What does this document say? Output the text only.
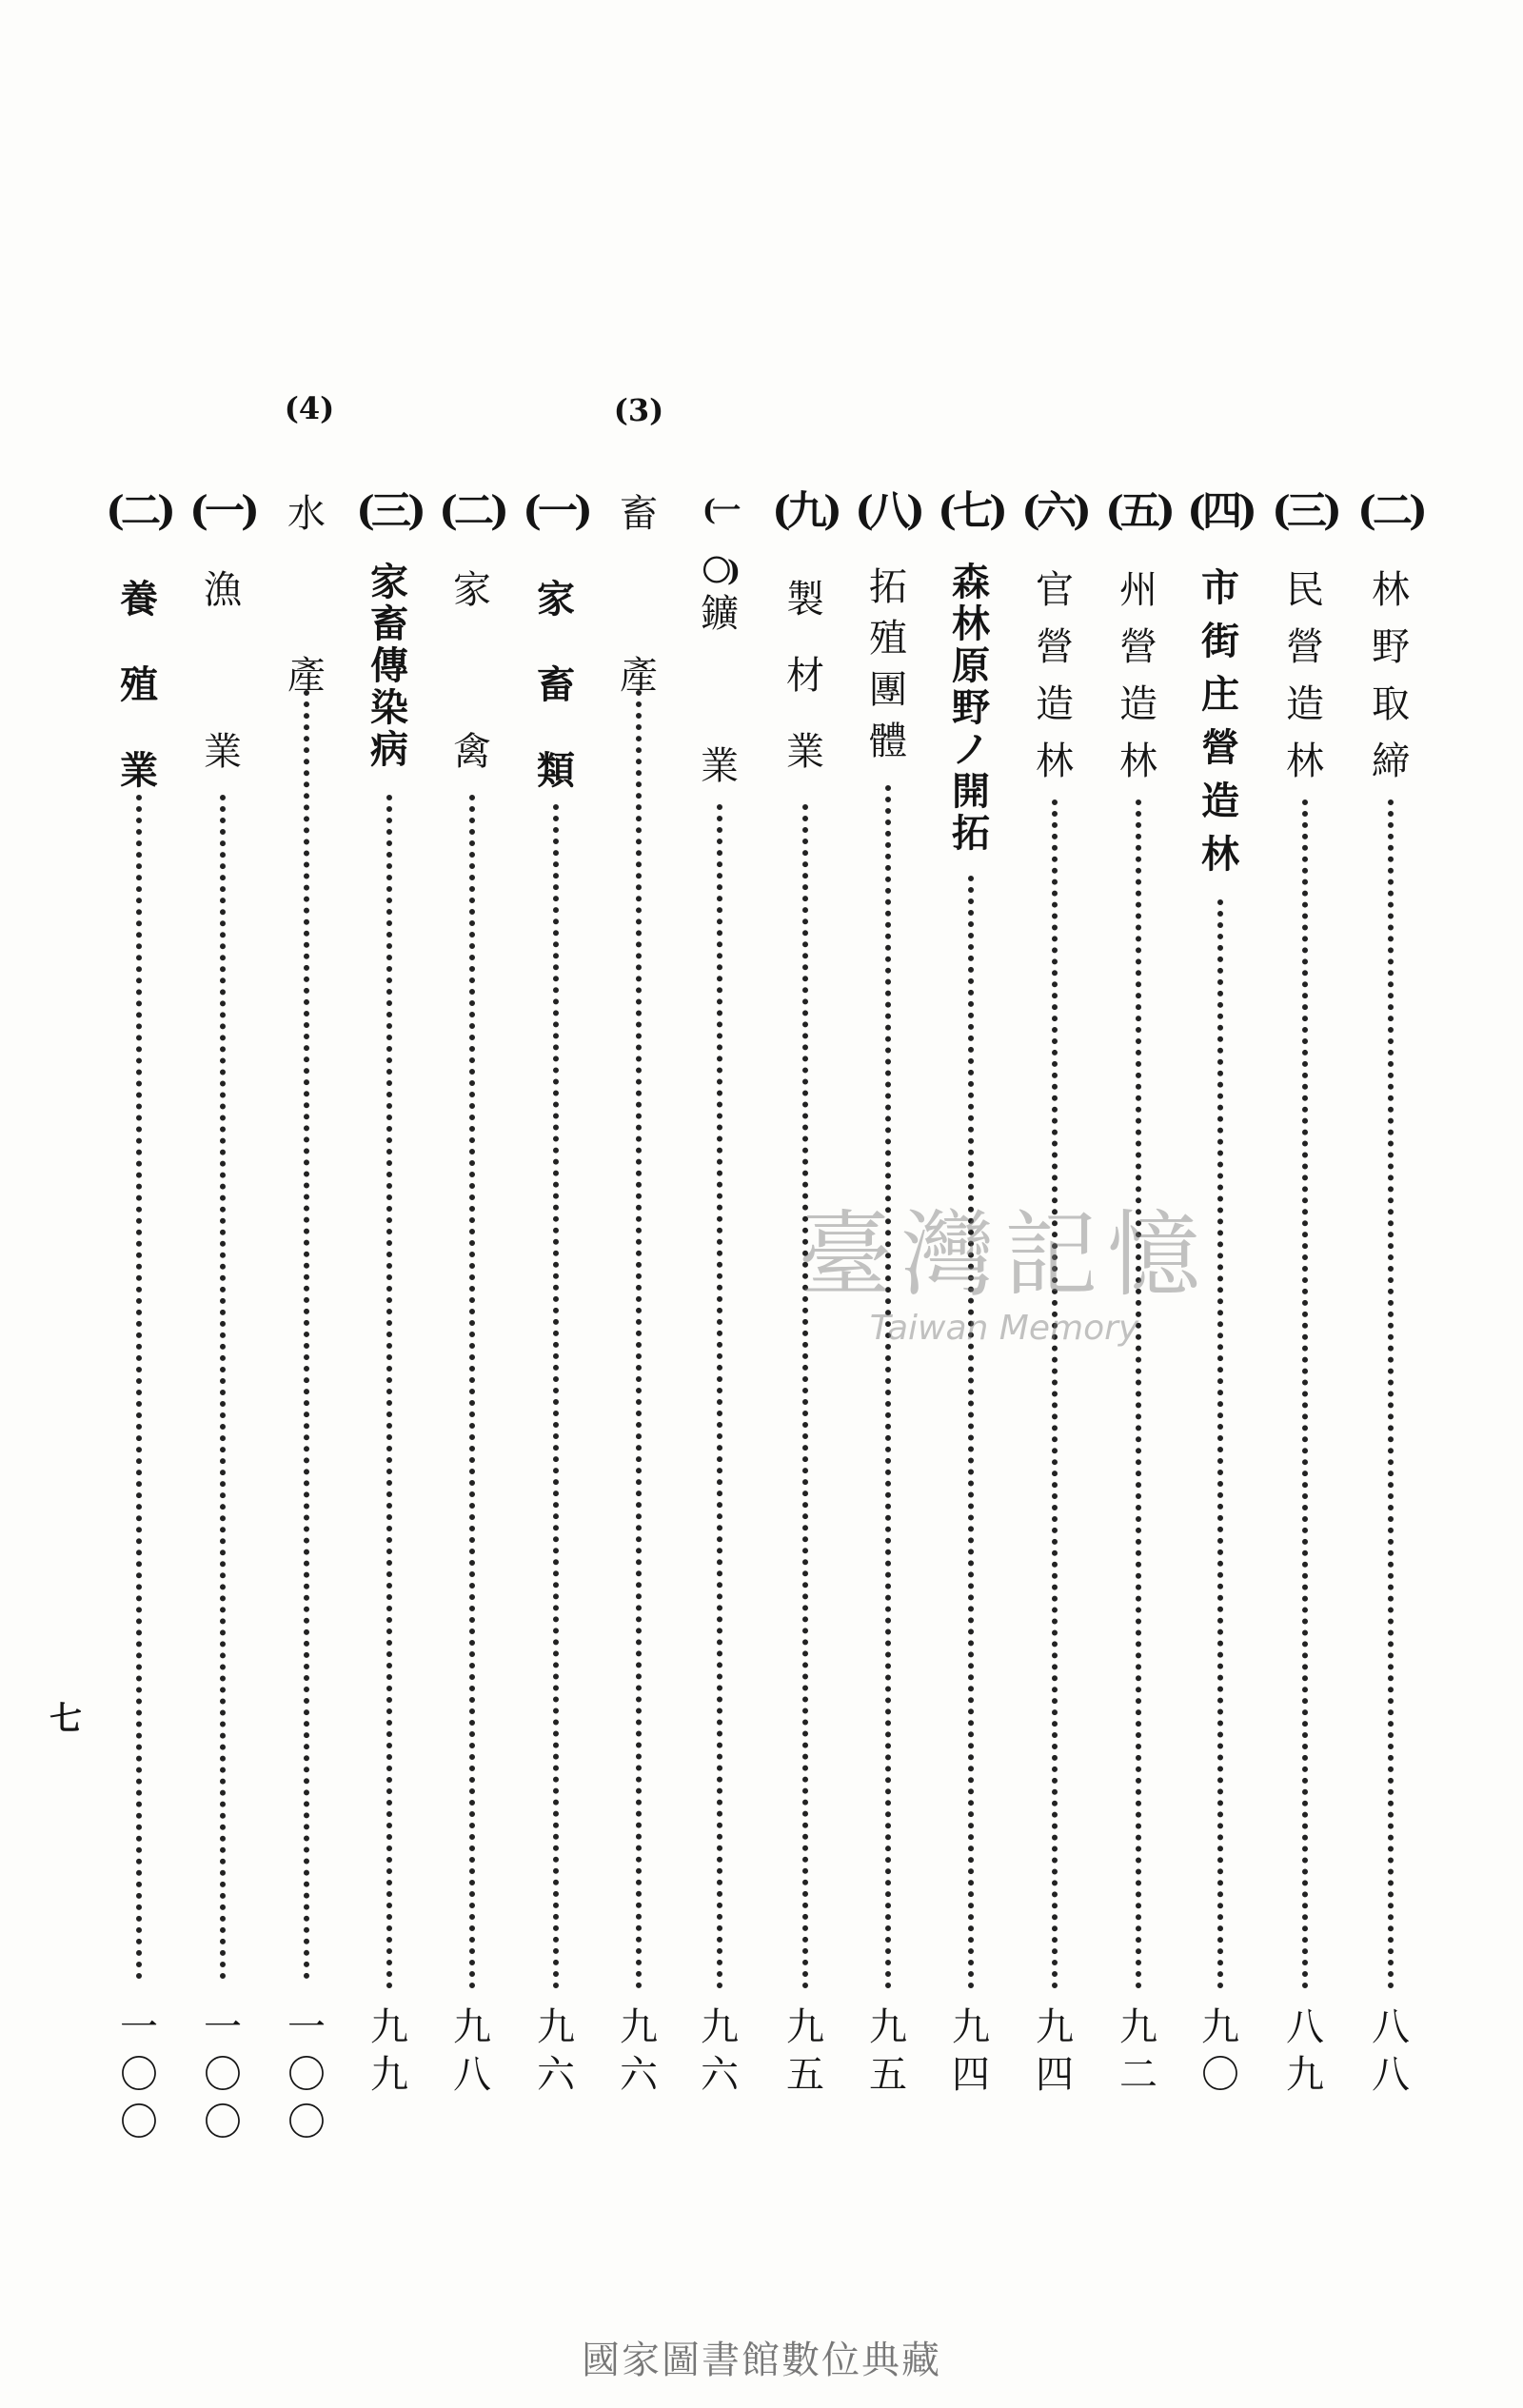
(4)	(3)
(二)
林
野
取
締
八
八
(三)
民
營
造
林
八
九
(四)
市
街
庄
營
造
林
九
〇
(五)
州
營
造
林
九
二
(六)
官
營
造
林
九
四
(七)
森
林
原
野
ノ
開
拓
九
四
(八)
拓
殖
團
體
九
五
(九)
製
材
業
九
五
(一〇)
鑛
業
九
六
畜
產
九
六
(一)
家
畜
類
九
六
(二)
家
禽
九
八
(三)
家
畜
傳
染
病
九
九
水
產
一
〇
〇
(一)
漁
業
一
〇
〇
(二)
養
殖
業
一
〇
〇
七
臺灣記憶
Taiwan Memory
國家圖書館數位典藏
